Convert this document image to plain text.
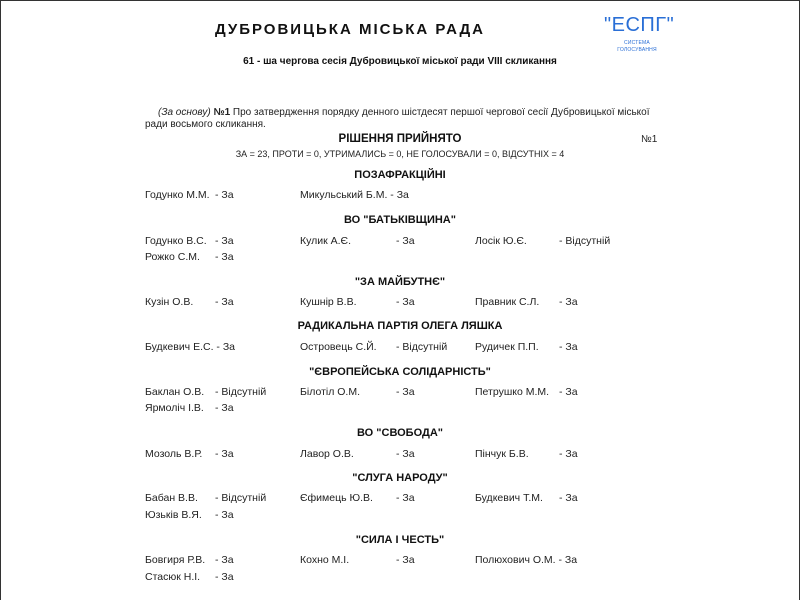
ДУБРОВИЦЬКА МІСЬКА РАДА	"ЕСПГ"
СИСТЕМА ГОЛОСУВАННЯ
61 - ша чергова сесія Дубровицької міської ради VIII скликання
(За основу) №1 Про затвердження порядку денного шістдесят першої чергової сесії Дубровицької міської ради восьмого скликання.
РІШЕННЯ ПРИЙНЯТО	№1
ЗА = 23, ПРОТИ = 0, УТРИМАЛИСЬ = 0, НЕ ГОЛОСУВАЛИ = 0, ВІДСУТНІХ = 4
ПОЗАФРАКЦІЙНІ
Годунко М.М. - За	Микульський Б.М. - За
ВО "БАТЬКІВЩИНА"
Годунко В.С. - За	Кулик А.Є.	- За	Лосік Ю.Є.	- Відсутній
Рожко С.М. - За
"ЗА МАЙБУТНЄ"
Кузін О.В. - За	Кушнір В.В.	- За	Правник С.Л. - За
РАДИКАЛЬНА ПАРТІЯ ОЛЕГА ЛЯШКА
Будкевич Е.С. - За	Островець С.Й. - Відсутній	Рудичек П.П. - За
"ЄВРОПЕЙСЬКА СОЛІДАРНІСТЬ"
Баклан О.В. - Відсутній	Білотіл О.М.	- За	Петрушко М.М. - За
Ярмоліч І.В. - За
ВО "СВОБОДА"
Мозоль В.Р. - За	Лавор О.В.	- За	Пінчук Б.В.	- За
"СЛУГА НАРОДУ"
Бабан В.В. - Відсутній	Єфимець Ю.В. - За	Будкевич Т.М. - За
Юзьків В.Я. - За
"СИЛА І ЧЕСТЬ"
Бовгиря Р.В. - За	Кохно М.І.	- За	Полюхович О.М. - За
Стасюк Н.І. - За
